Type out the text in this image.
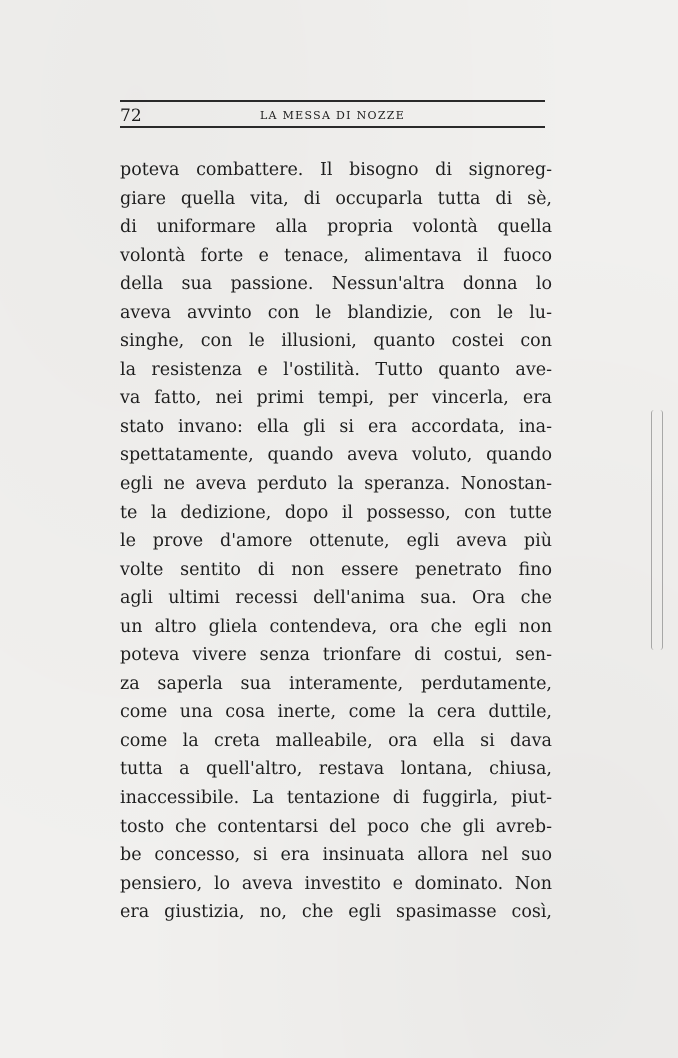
72	LA MESSA DI NOZZE
poteva combattere. Il bisogno di signoreg-
giare quella vita, di occuparla tutta di sè,
di uniformare alla propria volontà quella
volontà forte e tenace, alimentava il fuoco
della sua passione. Nessun'altra donna lo
aveva avvinto con le blandizie, con le lu-
singhe, con le illusioni, quanto costei con
la resistenza e l'ostilità. Tutto quanto ave-
va fatto, nei primi tempi, per vincerla, era
stato invano: ella gli si era accordata, ina-
spettatamente, quando aveva voluto, quando
egli ne aveva perduto la speranza. Nonostan-
te la dedizione, dopo il possesso, con tutte
le prove d'amore ottenute, egli aveva più
volte sentito di non essere penetrato fino
agli ultimi recessi dell'anima sua. Ora che
un altro gliela contendeva, ora che egli non
poteva vivere senza trionfare di costui, sen-
za saperla sua interamente, perdutamente,
come una cosa inerte, come la cera duttile,
come la creta malleabile, ora ella si dava
tutta a quell'altro, restava lontana, chiusa,
inaccessibile. La tentazione di fuggirla, piut-
tosto che contentarsi del poco che gli avreb-
be concesso, si era insinuata allora nel suo
pensiero, lo aveva investito e dominato. Non
era giustizia, no, che egli spasimasse così,
